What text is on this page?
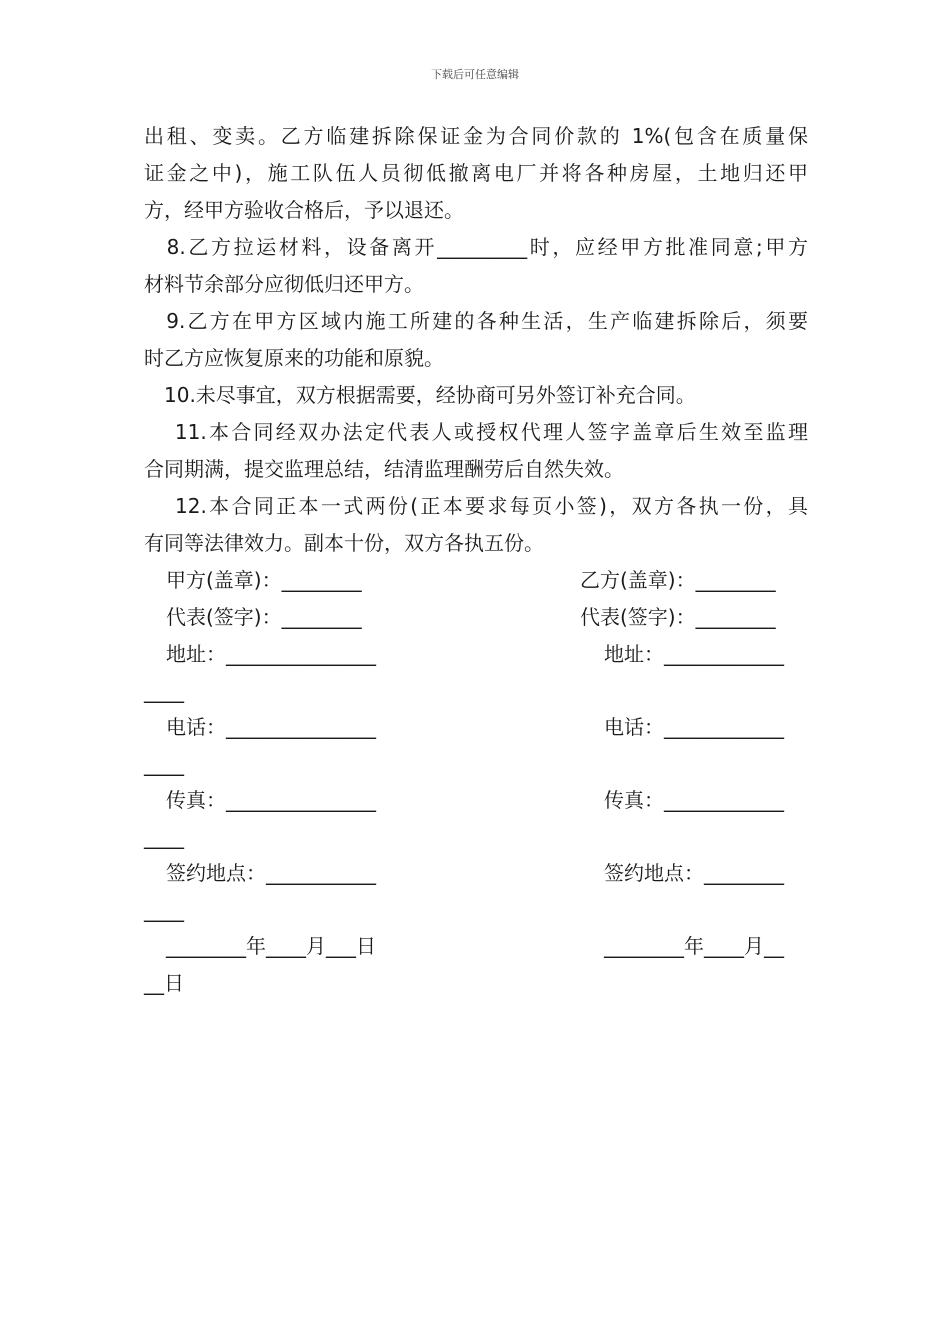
下载后可任意编辑
出租、变卖。乙方临建拆除保证金为合同价款的 1%(包含在质量保
证金之中)，施工队伍人员彻低撤离电厂并将各种房屋，土地归还甲
方，经甲方验收合格后，予以退还。
　8.乙方拉运材料，设备离开_________时，应经甲方批准同意;甲方
材料节余部分应彻低归还甲方。
　9.乙方在甲方区域内施工所建的各种生活，生产临建拆除后，须要
时乙方应恢复原来的功能和原貌。
　10.未尽事宜，双方根据需要，经协商可另外签订补充合同。
　 11.本合同经双办法定代表人或授权代理人签字盖章后生效至监理
合同期满，提交监理总结，结清监理酬劳后自然失效。
　 12.本合同正本一式两份(正本要求每页小签)，双方各执一份，具
有同等法律效力。副本十份，双方各执五份。
甲方(盖章)：________	乙方(盖章)：________
代表(签字)：________	代表(签字)：________
地址：_______________	地址：____________
____
电话：_______________	电话：____________
____
传真：_______________	传真：____________
____
签约地点：___________	签约地点：________
____
________年____月___日	________年____月__
__日
